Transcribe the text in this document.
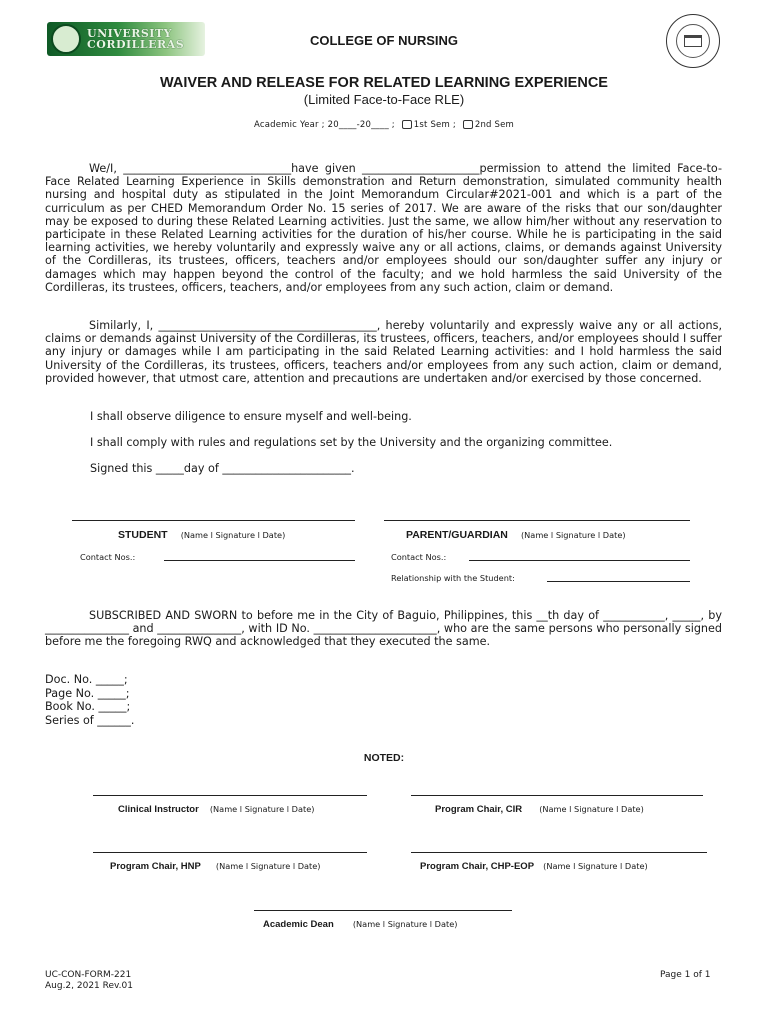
UNIVERSITY
CORDILLERAS	COLLEGE OF NURSING
WAIVER AND RELEASE FOR RELATED LEARNING EXPERIENCE
(Limited Face-to-Face RLE)
Academic Year ; 20____-20____ ; 1st Sem ; 2nd Sem
We/I, ______________________________have given _____________________permission to attend the limited Face-to-Face Related Learning Experience in Skills demonstration and Return demonstration, simulated community health nursing and hospital duty as stipulated in the Joint Memorandum Circular#2021-001 and which is a part of the curriculum as per CHED Memorandum Order No. 15 series of 2017. We are aware of the risks that our son/daughter may be exposed to during these Related Learning activities. Just the same, we allow him/her without any reservation to participate in these Related Learning activities for the duration of his/her course. While he is participating in the said learning activities, we hereby voluntarily and expressly waive any or all actions, claims, or demands against University of the Cordilleras, its trustees, officers, teachers and/or employees should our son/daughter suffer any injury or damages which may happen beyond the control of the faculty; and we hold harmless the said University of the Cordilleras, its trustees, officers, teachers, and/or employees from any such action, claim or demand.
Similarly, I, _______________________________________, hereby voluntarily and expressly waive any or all actions, claims or demands against University of the Cordilleras, its trustees, officers, teachers, and/or employees should I suffer any injury or damages while I am participating in the said Related Learning activities: and I hold harmless the said University of the Cordilleras, its trustees, officers, teachers and/or employees from any such action, claim or demand, provided however, that utmost care, attention and precautions are undertaken and/or exercised by those concerned.
I shall observe diligence to ensure myself and well-being.
I shall comply with rules and regulations set by the University and the organizing committee.
Signed this _____day of _______________________.
STUDENT (Name l Signature l Date)	PARENT/GUARDIAN (Name l Signature l Date)
Contact Nos.:	Contact Nos.:
Relationship with the Student:
SUBSCRIBED AND SWORN to before me in the City of Baguio, Philippines, this __th day of ___________, _____, by _______________ and _______________, with ID No. ______________________, who are the same persons who personally signed before me the foregoing RWQ and acknowledged that they executed the same.
Doc. No. _____;
Page No. _____;
Book No. _____;
Series of ______.
NOTED:
Clinical Instructor (Name l Signature l Date)	Program Chair, CIR (Name l Signature l Date)
Program Chair, HNP (Name l Signature l Date)	Program Chair, CHP-EOP (Name l Signature l Date)
Academic Dean (Name l Signature l Date)
UC-CON-FORM-221
Aug.2, 2021 Rev.01
Page 1 of 1
